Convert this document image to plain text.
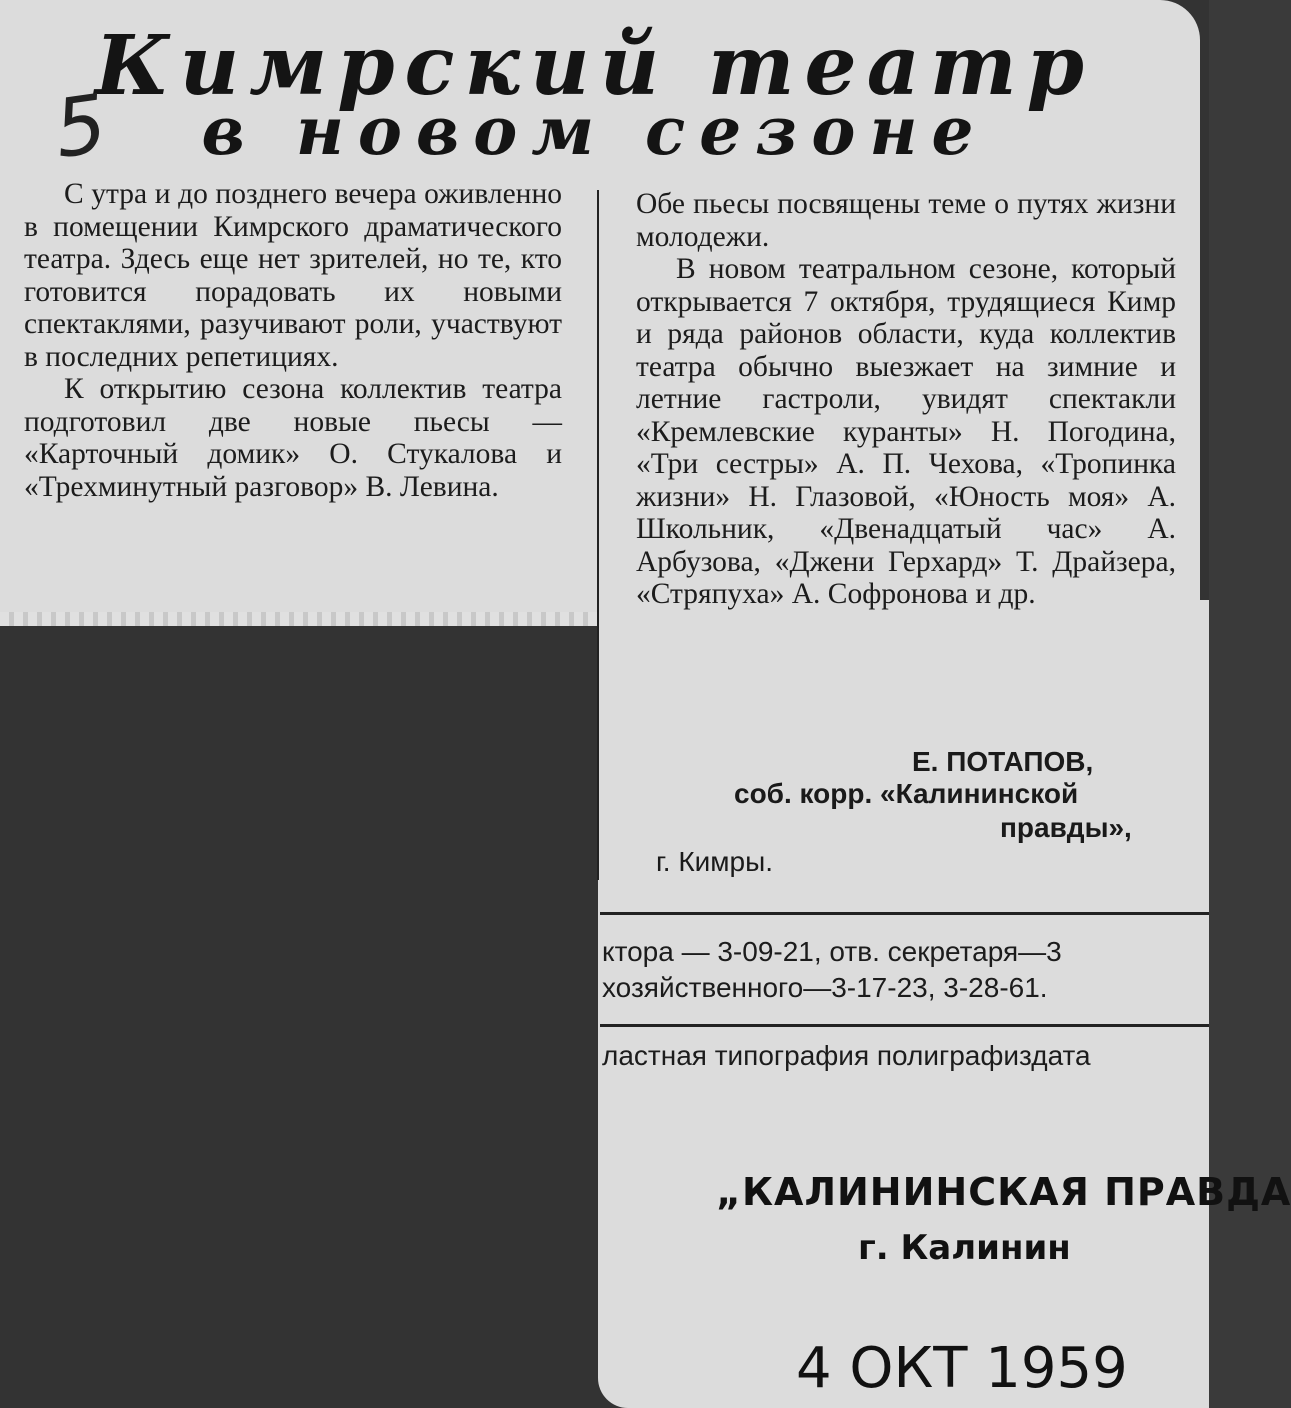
Кимрский театр
в новом сезоне
5

С утра и до позднего вечера оживленно в помещении Кимрского драматического театра. Здесь еще нет зрителей, но те, кто готовится порадовать их новыми спектаклями, разучивают роли, участвуют в последних репетициях.

К открытию сезона коллектив театра подготовил две новые пьесы — «Карточный домик» О. Стукалова и «Трехминутный разговор» В. Левина.

Обе пьесы посвящены теме о путях жизни молодежи.

В новом театральном сезоне, который открывается 7 октября, трудящиеся Кимр и ряда районов области, куда коллектив театра обычно выезжает на зимние и летние гастроли, увидят спектакли «Кремлевские куранты» Н. Погодина, «Три сестры» А. П. Чехова, «Тропинка жизни» Н. Глазовой, «Юность моя» А. Школьник, «Двенадцатый час» А. Арбузова, «Джени Герхард» Т. Драйзера, «Стряпуха» А. Софронова и др.

Е. ПОТАПОВ,
соб. корр. «Калининской
правды»,
г. Кимры.
ктора — 3-09-21, отв. секретаря—3
хозяйственного—3-17-23, 3-28-61.
ластная типография полиграфиздата
„КАЛИНИНСКАЯ ПРАВДА
г. Калинин
4 ОКТ 1959
